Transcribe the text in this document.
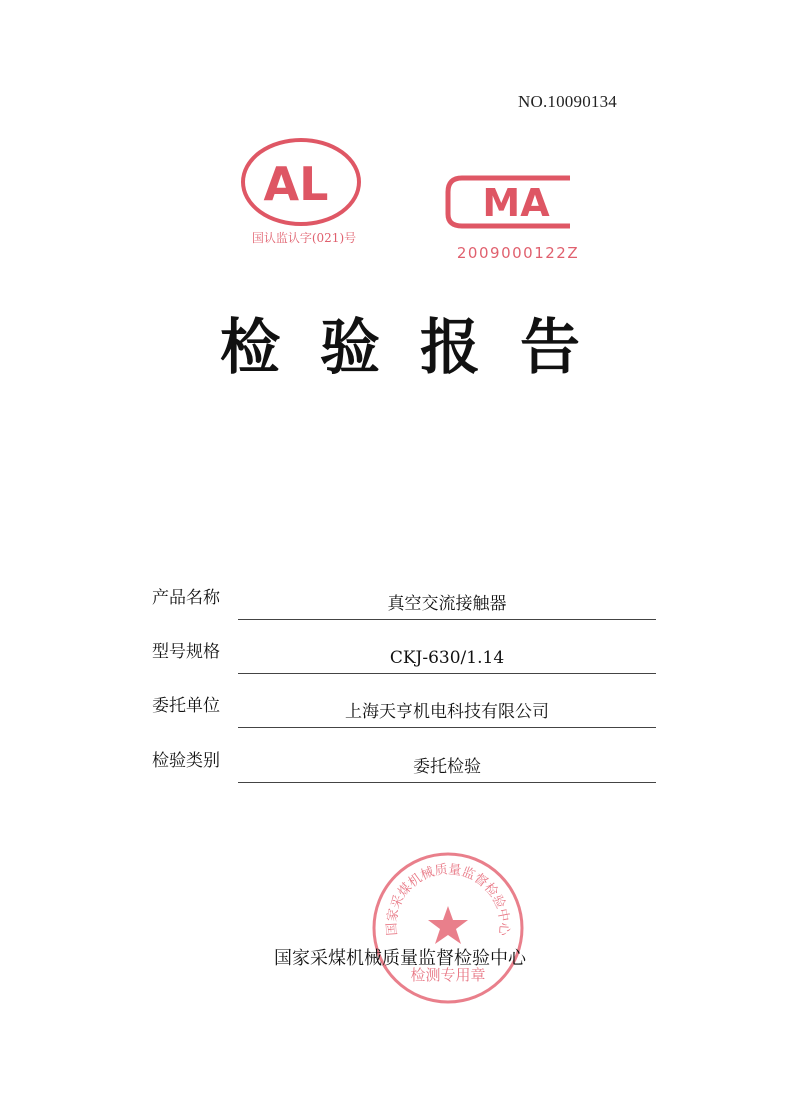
NO.10090134
AL
国认监认字(021)号
MA
2009000122Z
检验报告
产品名称	真空交流接触器
型号规格	CKJ-630/1.14
委托单位	上海天亨机电科技有限公司
检验类别	委托检验
国家采煤机械质量监督检验中心
检测专用章
国家采煤机械质量监督检验中心
